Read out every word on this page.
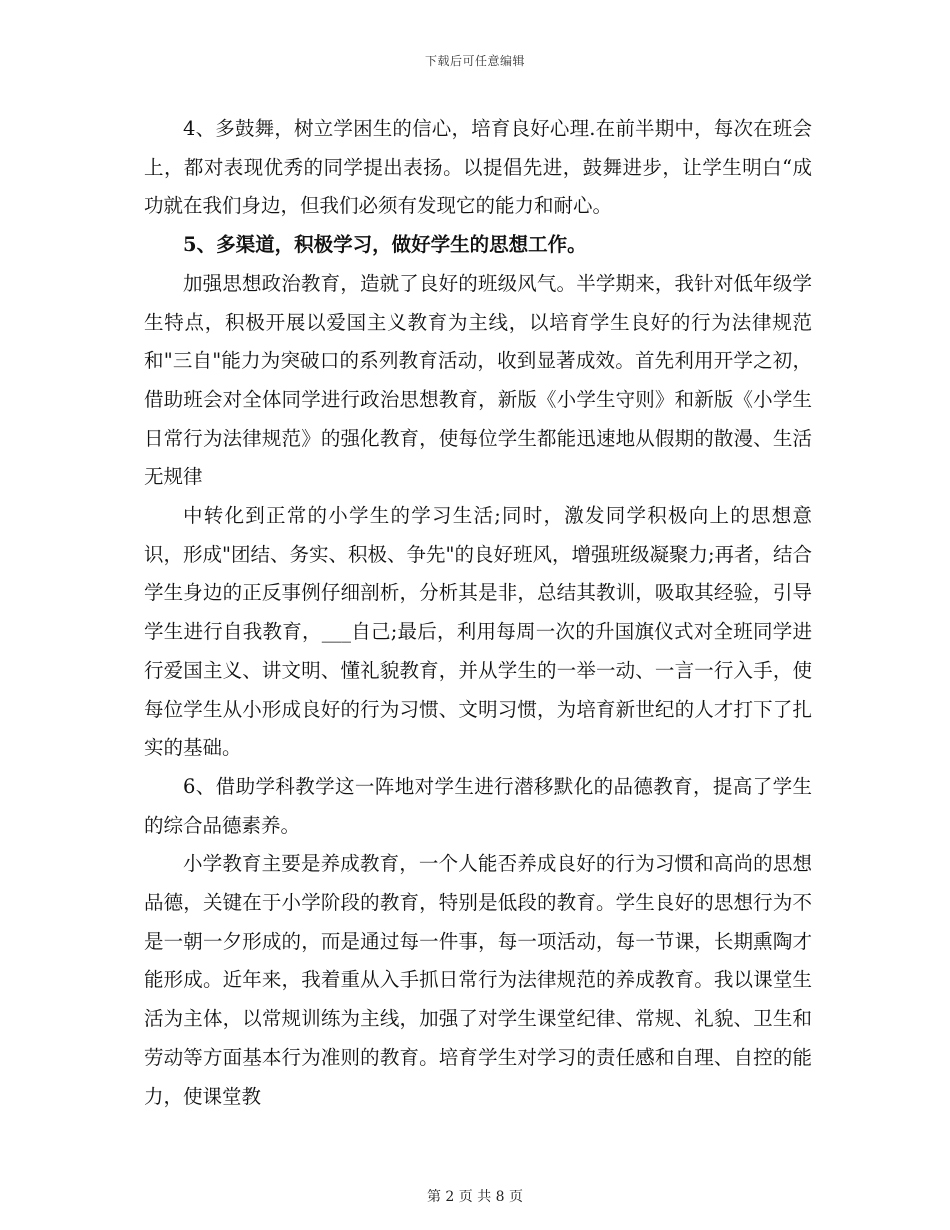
下载后可任意编辑

4、多鼓舞，树立学困生的信心，培育良好心理.在前半期中，每次在班会上，都对表现优秀的同学提出表扬。以提倡先进，鼓舞进步，让学生明白“成功就在我们身边，但我们必须有发现它的能力和耐心。

5、多渠道，积极学习，做好学生的思想工作。

加强思想政治教育，造就了良好的班级风气。半学期来，我针对低年级学生特点，积极开展以爱国主义教育为主线，以培育学生良好的行为法律规范和"三自"能力为突破口的系列教育活动，收到显著成效。首先利用开学之初，借助班会对全体同学进行政治思想教育，新版《小学生守则》和新版《小学生日常行为法律规范》的强化教育，使每位学生都能迅速地从假期的散漫、生活无规律

中转化到正常的小学生的学习生活;同时，激发同学积极向上的思想意识，形成"团结、务实、积极、争先"的良好班风，增强班级凝聚力;再者，结合学生身边的正反事例仔细剖析，分析其是非，总结其教训，吸取其经验，引导学生进行自我教育，___自己;最后，利用每周一次的升国旗仪式对全班同学进行爱国主义、讲文明、懂礼貌教育，并从学生的一举一动、一言一行入手，使每位学生从小形成良好的行为习惯、文明习惯，为培育新世纪的人才打下了扎实的基础。

6、借助学科教学这一阵地对学生进行潜移默化的品德教育，提高了学生的综合品德素养。

小学教育主要是养成教育，一个人能否养成良好的行为习惯和高尚的思想品德，关键在于小学阶段的教育，特别是低段的教育。学生良好的思想行为不是一朝一夕形成的，而是通过每一件事，每一项活动，每一节课，长期熏陶才能形成。近年来，我着重从入手抓日常行为法律规范的养成教育。我以课堂生活为主体，以常规训练为主线，加强了对学生课堂纪律、常规、礼貌、卫生和劳动等方面基本行为准则的教育。培育学生对学习的责任感和自理、自控的能力，使课堂教

第 2 页 共 8 页
